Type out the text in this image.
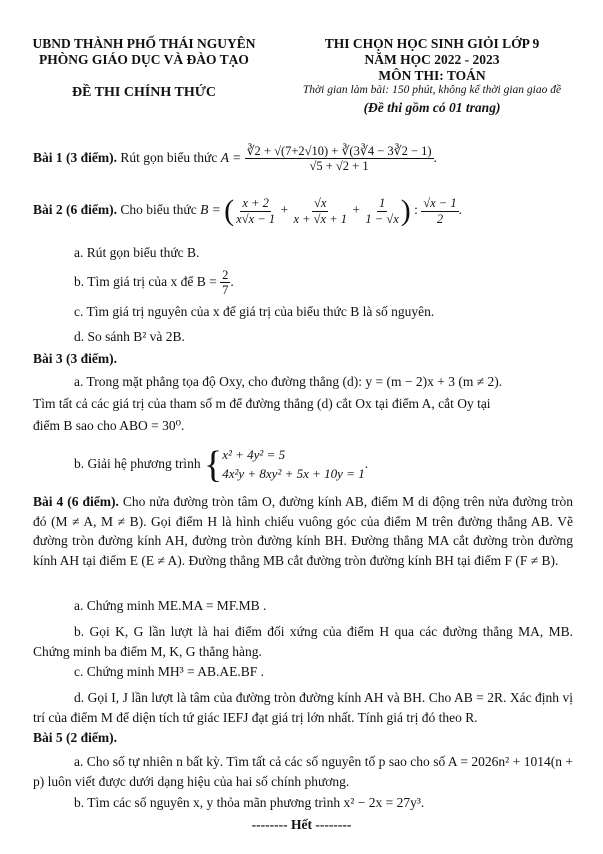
UBND THÀNH PHỐ THÁI NGUYÊN
PHÒNG GIÁO DỤC VÀ ĐÀO TẠO
ĐỀ THI CHÍNH THỨC
THI CHỌN HỌC SINH GIỎI LỚP 9
NĂM HỌC 2022 - 2023
MÔN THI: TOÁN
Thời gian làm bài: 150 phút, không kể thời gian giao đề
(Đề thi gồm có 01 trang)
Bài 1 (3 điểm). Rút gọn biểu thức $A = \frac{∛2 + √(7+2√10) + ∛(3∛4 - 3∛2 - 1)}{√5 + √2 + 1}$ .
Bài 2 (6 điểm). Cho biểu thức B = ( $\frac{x + 2}{x√x - 1} + \frac{√x}{x + √x + 1} + \frac{1}{1 - √x}$ ) : $\frac{√x - 1}{2}$ .
a. Rút gọn biểu thức B.
b. Tìm giá trị của x để $B = \frac{2}{7}$ .
c. Tìm giá trị nguyên của x để giá trị của biểu thức B là số nguyên.
d. So sánh B² và 2B.
Bài 3 (3 điểm).
a. Trong mặt phẳng tọa độ Oxy, cho đường thẳng (d): y = (m − 2)x + 3 (m ≠ 2).
Tìm tất cả các giá trị của tham số m để đường thẳng (d) cắt Ox tại điểm A, cắt Oy tại
điểm B sao cho ABO = 30⁰.
b. Giải hệ phương trình { x² + 4y² = 5
4x²y + 8xy² + 5x + 10y = 1
.
Bài 4 (6 điểm). Cho nửa đường tròn tâm O, đường kính AB, điểm M di động trên nửa đường tròn đó (M ≠ A, M ≠ B). Gọi điểm H là hình chiếu vuông góc của điểm M trên đường thẳng AB. Vẽ đường tròn đường kính AH, đường tròn đường kính BH. Đường thẳng MA cắt đường tròn đường kính AH tại điểm E (E ≠ A). Đường thẳng MB cắt đường tròn đường kính BH tại điểm F (F ≠ B).
a. Chứng minh ME.MA = MF.MB .
b. Gọi K, G lần lượt là hai điểm đối xứng của điểm H qua các đường thẳng MA, MB. Chứng minh ba điểm M, K, G thẳng hàng.
c. Chứng minh MH³ = AB.AE.BF .
d. Gọi I, J lần lượt là tâm của đường tròn đường kính AH và BH. Cho AB = 2R. Xác định vị trí của điểm M để diện tích tứ giác IEFJ đạt giá trị lớn nhất. Tính giá trị đó theo R.
Bài 5 (2 điểm).
a. Cho số tự nhiên n bất kỳ. Tìm tất cả các số nguyên tố p sao cho số A = 2026n² + 1014(n + p) luôn viết được dưới dạng hiệu của hai số chính phương.
b. Tìm các số nguyên x, y thỏa mãn phương trình x² − 2x = 27y³.
-------- Hết --------
